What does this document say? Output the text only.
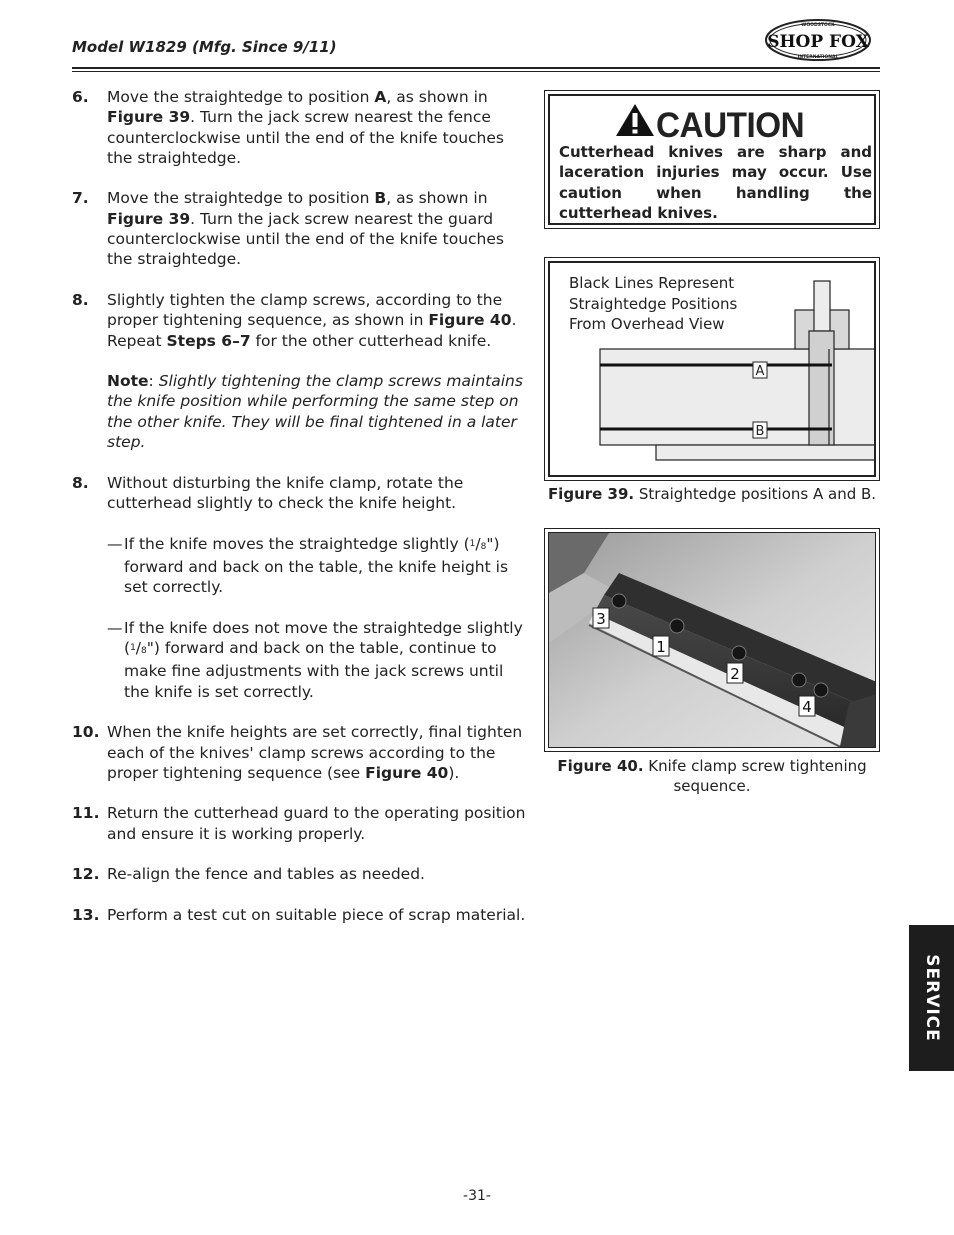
Model W1829 (Mfg. Since 9/11)
WOODSTOCK
SHOP FOX
INTERNATIONAL
6. Move the straightedge to position A, as shown in Figure 39. Turn the jack screw nearest the fence counterclockwise until the end of the knife touches the straightedge.
7. Move the straightedge to position B, as shown in Figure 39. Turn the jack screw nearest the guard counterclockwise until the end of the knife touches the straightedge.
8. Slightly tighten the clamp screws, according to the proper tightening sequence, as shown in Figure 40. Repeat Steps 6–7 for the other cutterhead knife.
Note: Slightly tightening the clamp screws maintains the knife position while performing the same step on the other knife. They will be final tightened in a later step.
8. Without disturbing the knife clamp, rotate the cutterhead slightly to check the knife height.
— If the knife moves the straightedge slightly ($^1$/8") forward and back on the table, the knife height is set correctly.
— If the knife does not move the straightedge slightly ($^1$/8") forward and back on the table, continue to make fine adjustments with the jack screws until the knife is set correctly.
10. When the knife heights are set correctly, final tighten each of the knives' clamp screws according to the proper tightening sequence (see Figure 40).
11. Return the cutterhead guard to the operating position and ensure it is working properly.
12. Re-align the fence and tables as needed.
13. Perform a test cut on suitable piece of scrap material.
CAUTION
Cutterhead knives are sharp and laceration injuries may occur. Use caution when handling the cutterhead knives.
Black Lines Represent
Straightedge Positions
From Overhead View
A
B
Figure 39. Straightedge positions A and B.
3
1
2
4
Figure 40. Knife clamp screw tightening sequence.
SERVICE
-31-
